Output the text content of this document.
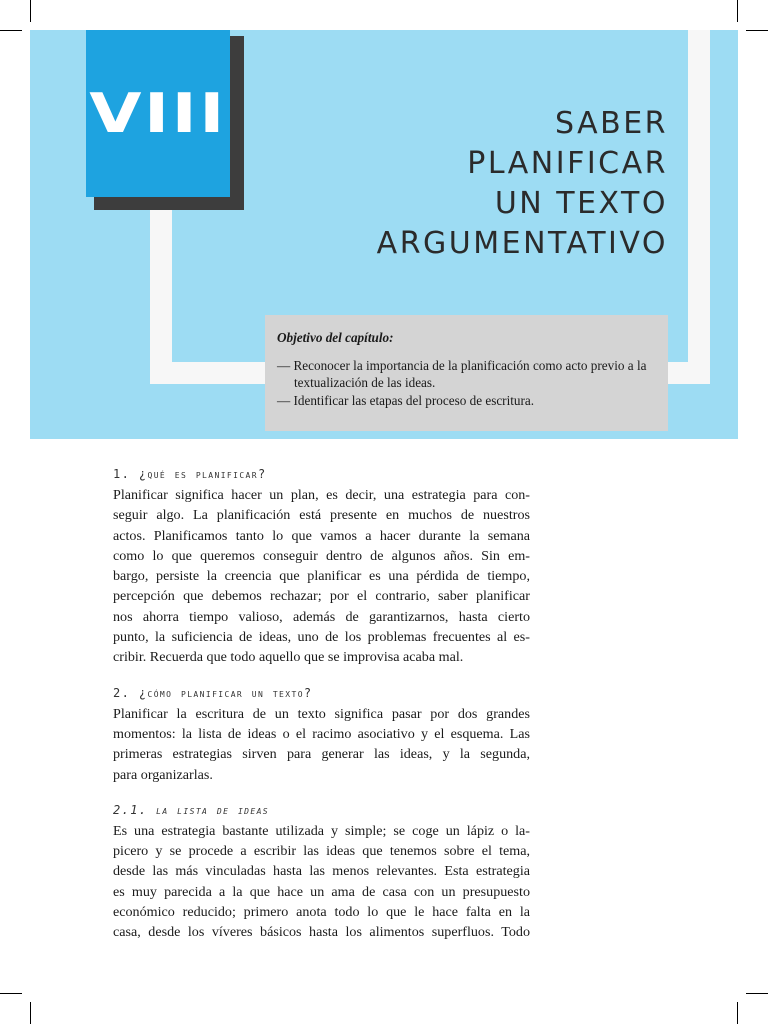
VIII	SABER
PLANIFICAR
UN TEXTO
ARGUMENTATIVO
Objetivo del capítulo:
— Reconocer la importancia de la planificación como acto previo a la textualización de las ideas.
— Identificar las etapas del proceso de escritura.
1. ¿qué es planificar?
Planificar significa hacer un plan, es decir, una estrategia para con-
seguir algo. La planificación está presente en muchos de nuestros
actos. Planificamos tanto lo que vamos a hacer durante la semana
como lo que queremos conseguir dentro de algunos años. Sin em-
bargo, persiste la creencia que planificar es una pérdida de tiempo,
percepción que debemos rechazar; por el contrario, saber planificar
nos ahorra tiempo valioso, además de garantizarnos, hasta cierto
punto, la suficiencia de ideas, uno de los problemas frecuentes al es-
cribir. Recuerda que todo aquello que se improvisa acaba mal.
2. ¿cómo planificar un texto?
Planificar la escritura de un texto significa pasar por dos grandes
momentos: la lista de ideas o el racimo asociativo y el esquema. Las
primeras estrategias sirven para generar las ideas, y la segunda,
para organizarlas.
2.1. la lista de ideas
Es una estrategia bastante utilizada y simple; se coge un lápiz o la-
picero y se procede a escribir las ideas que tenemos sobre el tema,
desde las más vinculadas hasta las menos relevantes. Esta estrategia
es muy parecida a la que hace un ama de casa con un presupuesto
económico reducido; primero anota todo lo que le hace falta en la
casa, desde los víveres básicos hasta los alimentos superfluos. Todo
